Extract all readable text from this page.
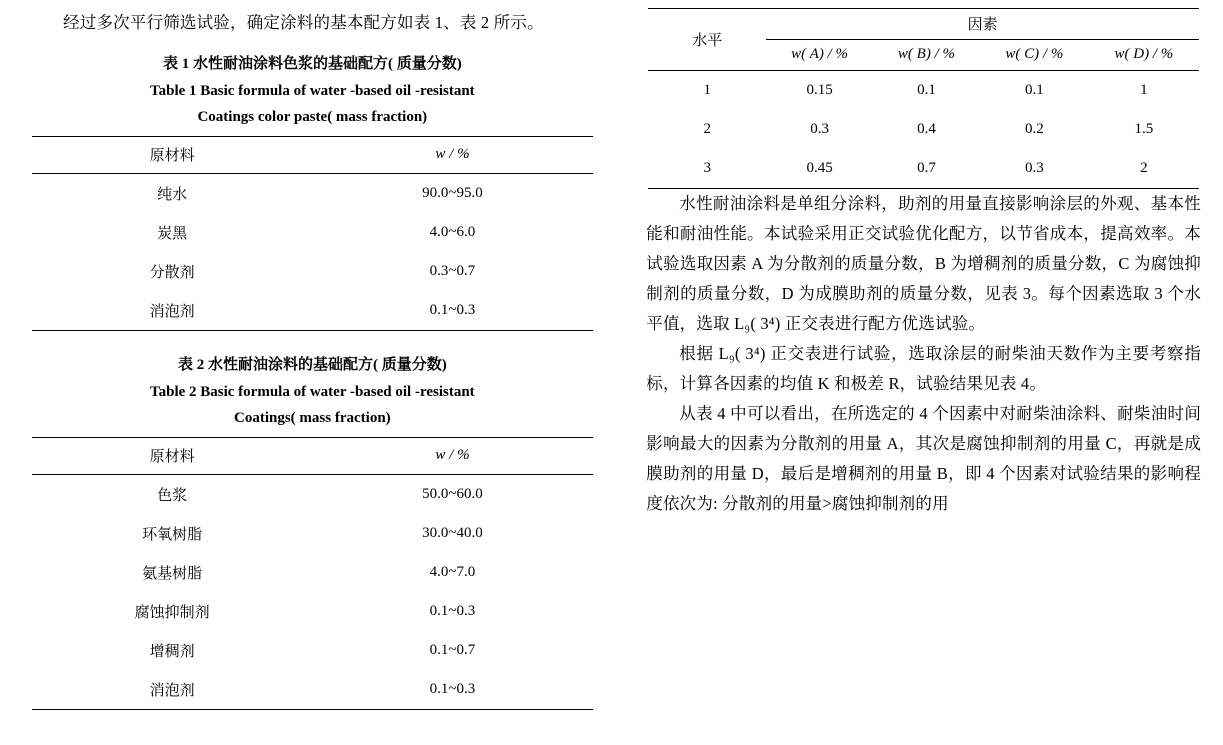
经过多次平行筛选试验，确定涂料的基本配方如表 1、表 2 所示。

表 1 水性耐油涂料色浆的基础配方( 质量分数)
Table 1 Basic formula of water -based oil -resistant
Coatings color paste( mass fraction)
原材料	w / %
纯水	90.0~95.0
炭黑	4.0~6.0
分散剂	0.3~0.7
消泡剂	0.1~0.3
表 2 水性耐油涂料的基础配方( 质量分数)
Table 2 Basic formula of water -based oil -resistant
Coatings( mass fraction)
原材料	w / %
色浆	50.0~60.0
环氧树脂	30.0~40.0
氨基树脂	4.0~7.0
腐蚀抑制剂	0.1~0.3
增稠剂	0.1~0.7
消泡剂	0.1~0.3
水平	因素			
	w( A) / %	w( B) / %	w( C) / %	w( D) / %
1	0.15	0.1	0.1	1
2	0.3	0.4	0.2	1.5
3	0.45	0.7	0.3	2

水性耐油涂料是单组分涂料，助剂的用量直接影响涂层的外观、基本性能和耐油性能。本试验采用正交试验优化配方，以节省成本，提高效率。本试验选取因素 A 为分散剂的质量分数，B 为增稠剂的质量分数，C 为腐蚀抑制剂的质量分数，D 为成膜助剂的质量分数，见表 3。每个因素选取 3 个水平值，选取 L₉( 3⁴) 正交表进行配方优选试验。

根据 L₉( 3⁴) 正交表进行试验，选取涂层的耐柴油天数作为主要考察指标，计算各因素的均值 K 和极差 R，试验结果见表 4。

从表 4 中可以看出，在所选定的 4 个因素中对耐柴油涂料、耐柴油时间影响最大的因素为分散剂的用量 A，其次是腐蚀抑制剂的用量 C，再就是成膜助剂的用量 D，最后是增稠剂的用量 B，即 4 个因素对试验结果的影响程度依次为: 分散剂的用量>腐蚀抑制剂的用
